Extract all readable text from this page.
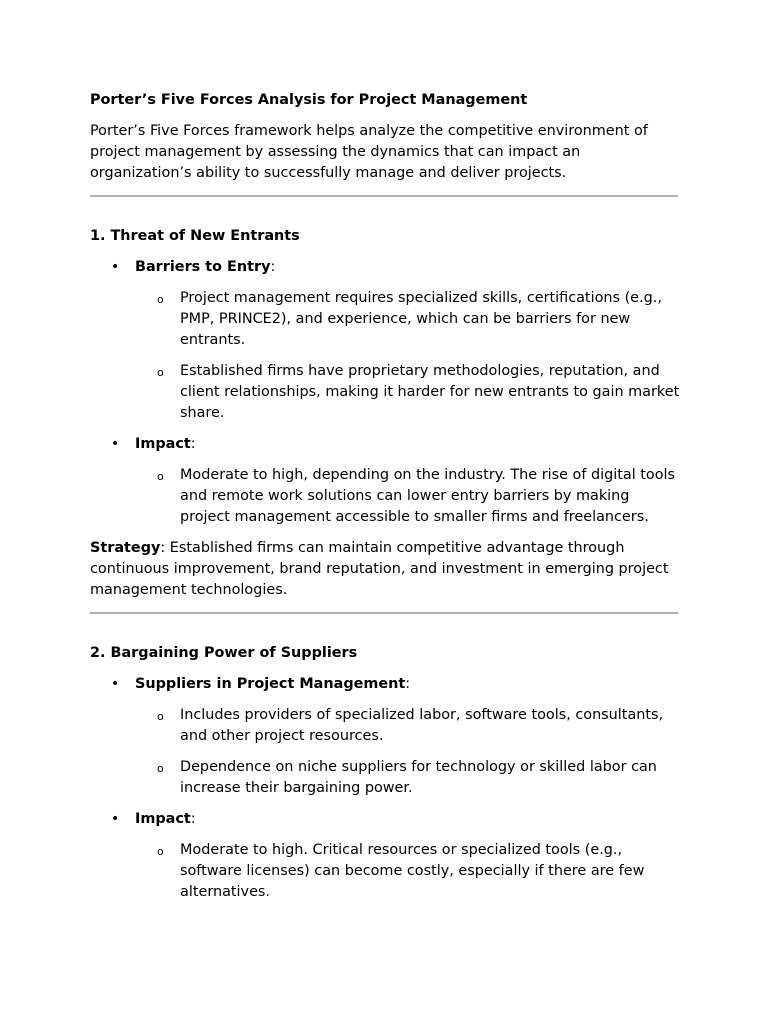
Porter’s Five Forces Analysis for Project Management

Porter’s Five Forces framework helps analyze the competitive environment of project management by assessing the dynamics that can impact an organization’s ability to successfully manage and deliver projects.

1. Threat of New Entrants
• Barriers to Entry:
o Project management requires specialized skills, certifications (e.g., PMP, PRINCE2), and experience, which can be barriers for new entrants.
o Established firms have proprietary methodologies, reputation, and client relationships, making it harder for new entrants to gain market share.
• Impact:
o Moderate to high, depending on the industry. The rise of digital tools and remote work solutions can lower entry barriers by making project management accessible to smaller firms and freelancers.

Strategy: Established firms can maintain competitive advantage through continuous improvement, brand reputation, and investment in emerging project management technologies.

2. Bargaining Power of Suppliers
• Suppliers in Project Management:
o Includes providers of specialized labor, software tools, consultants, and other project resources.
o Dependence on niche suppliers for technology or skilled labor can increase their bargaining power.
• Impact:
o Moderate to high. Critical resources or specialized tools (e.g., software licenses) can become costly, especially if there are few alternatives.
